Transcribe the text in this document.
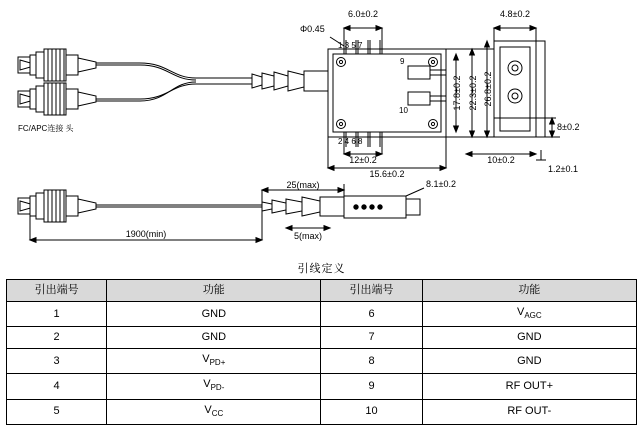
6.0±0.2
Φ0.45
4.8±0.2
17.8±0.2 22.3±0.2 26.8±0.2
8±0.2
12±0.2
15.6±0.2
10±0.2
1.2±0.1
1 3 5 7
2 4 6 8
9
10
25(max)	8.1±0.2
1900(min)	5(max)
FC/APC连接 头
引线定义
引出端号	功能	引出端号	功能
1	GND	6	$V_{AGC}$
2	GND	7	GND
3	$V_{PD+}$	8	GND
4	$V_{PD-}$	9	RF OUT+
5	$V_{CC}$	10	RF OUT-
